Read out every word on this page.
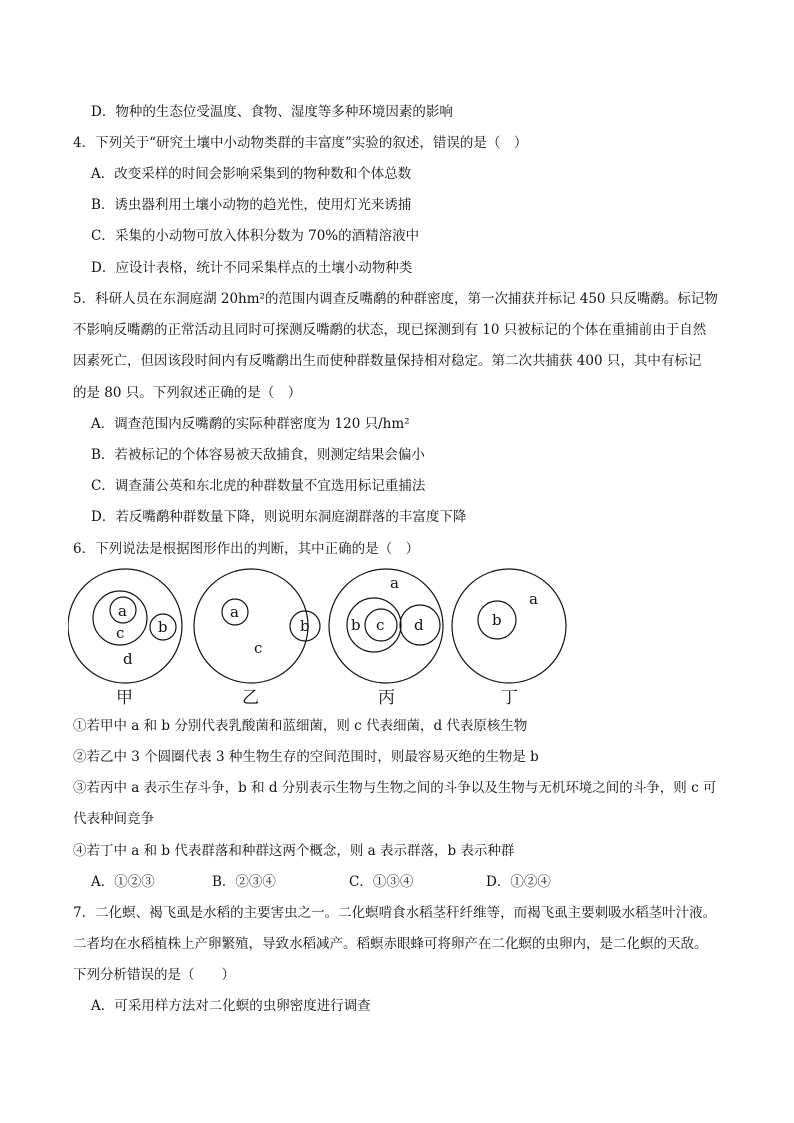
D．物种的生态位受温度、食物、湿度等多种环境因素的影响
4．下列关于“研究土壤中小动物类群的丰富度”实验的叙述，错误的是（　）
A．改变采样的时间会影响采集到的物种数和个体总数
B．诱虫器利用土壤小动物的趋光性，使用灯光来诱捕
C．采集的小动物可放入体积分数为 70%的酒精溶液中
D．应设计表格，统计不同采集样点的土壤小动物种类
5．科研人员在东洞庭湖 20hm²的范围内调查反嘴鹬的种群密度，第一次捕获并标记 450 只反嘴鹬。标记物
不影响反嘴鹬的正常活动且同时可探测反嘴鹬的状态，现已探测到有 10 只被标记的个体在重捕前由于自然
因素死亡，但因该段时间内有反嘴鹬出生而使种群数量保持相对稳定。第二次共捕获 400 只，其中有标记
的是 80 只。下列叙述正确的是（　）
A．调查范围内反嘴鹬的实际种群密度为 120 只/hm²
B．若被标记的个体容易被天敌捕食，则测定结果会偏小
C．调查蒲公英和东北虎的种群数量不宜选用标记重捕法
D．若反嘴鹬种群数量下降，则说明东洞庭湖群落的丰富度下降
6．下列说法是根据图形作出的判断，其中正确的是（　）
a
c b
d
甲
a
c
b
乙
a
b c d
丙
b
a
丁
①若甲中 a 和 b 分别代表乳酸菌和蓝细菌，则 c 代表细菌，d 代表原核生物
②若乙中 3 个圆圈代表 3 种生物生存的空间范围时，则最容易灭绝的生物是 b
③若丙中 a 表示生存斗争，b 和 d 分别表示生物与生物之间的斗争以及生物与无机环境之间的斗争，则 c 可
代表种间竞争
④若丁中 a 和 b 代表群落和种群这两个概念，则 a 表示群落，b 表示种群
A．①②③	B．②③④	C．①③④	D．①②④
7．二化螟、褐飞虱是水稻的主要害虫之一。二化螟啃食水稻茎秆纤维等，而褐飞虱主要刺吸水稻茎叶汁液。
二者均在水稻植株上产卵繁殖，导致水稻减产。稻螟赤眼蜂可将卵产在二化螟的虫卵内，是二化螟的天敌。
下列分析错误的是（　　）
A．可采用样方法对二化螟的虫卵密度进行调查
